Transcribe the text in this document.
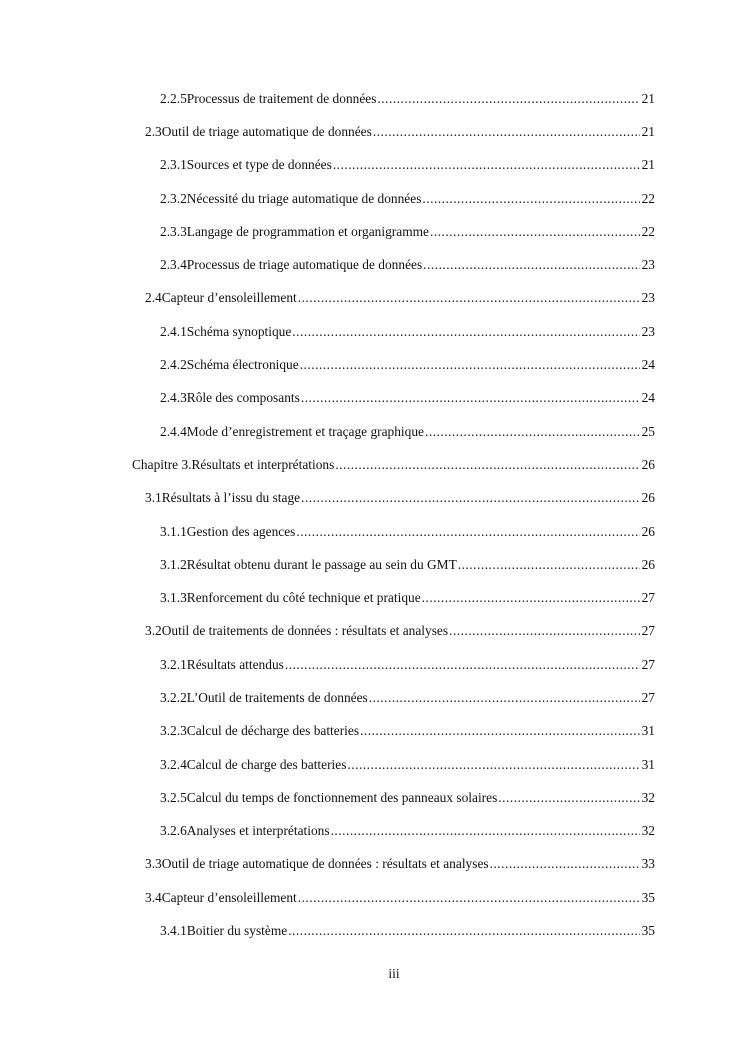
2.2.5 Processus de traitement de données .....	21
2.3 Outil de triage automatique de données .....	21
2.3.1 Sources et type de données .....	21
2.3.2 Nécessité du triage automatique de données .....	22
2.3.3 Langage de programmation et organigramme .....	22
2.3.4 Processus de triage automatique de données .....	23
2.4 Capteur d’ensoleillement .....	23
2.4.1 Schéma synoptique .....	23
2.4.2 Schéma électronique .....	24
2.4.3 Rôle des composants .....	24
2.4.4 Mode d’enregistrement et traçage graphique .....	25
Chapitre 3. Résultats et interprétations .....	26
3.1 Résultats à l’issu du stage .....	26
3.1.1 Gestion des agences .....	26
3.1.2 Résultat obtenu durant le passage au sein du GMT .....	26
3.1.3 Renforcement du côté technique et pratique .....	27
3.2 Outil de traitements de données : résultats et analyses .....	27
3.2.1 Résultats attendus .....	27
3.2.2 L’Outil de traitements de données .....	27
3.2.3 Calcul de décharge des batteries .....	31
3.2.4 Calcul de charge des batteries .....	31
3.2.5 Calcul du temps de fonctionnement des panneaux solaires .....	32
3.2.6 Analyses et interprétations .....	32
3.3 Outil de triage automatique de données : résultats et analyses .....	33
3.4 Capteur d’ensoleillement .....	35
3.4.1 Boitier du système .....	35
iii
